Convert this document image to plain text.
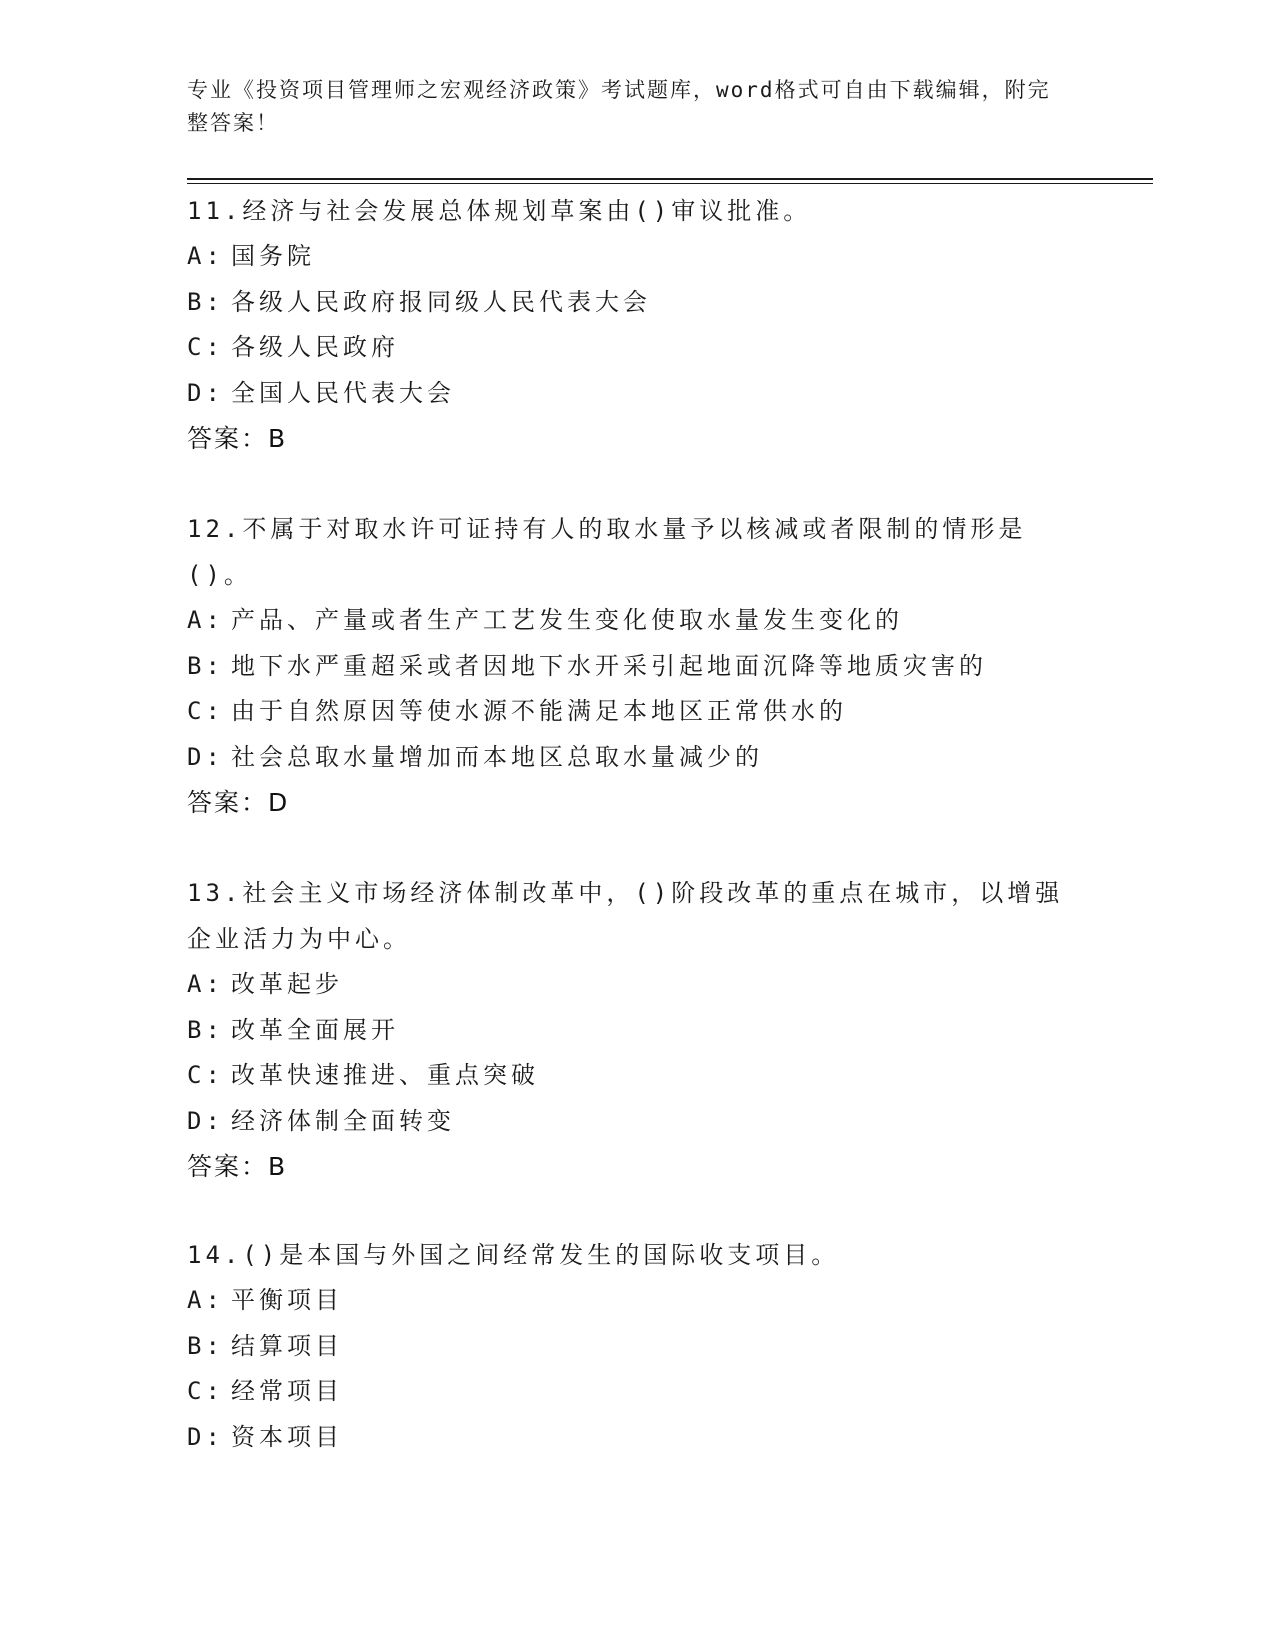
专业《投资项目管理师之宏观经济政策》考试题库，word格式可自由下载编辑，附完整答案！

11.经济与社会发展总体规划草案由()审议批准。

A: 国务院

B: 各级人民政府报同级人民代表大会

C: 各级人民政府

D: 全国人民代表大会

答案：B

12.不属于对取水许可证持有人的取水量予以核减或者限制的情形是()。

A: 产品、产量或者生产工艺发生变化使取水量发生变化的

B: 地下水严重超采或者因地下水开采引起地面沉降等地质灾害的

C: 由于自然原因等使水源不能满足本地区正常供水的

D: 社会总取水量增加而本地区总取水量减少的

答案：D

13.社会主义市场经济体制改革中，()阶段改革的重点在城市，以增强企业活力为中心。

A: 改革起步

B: 改革全面展开

C: 改革快速推进、重点突破

D: 经济体制全面转变

答案：B

14.()是本国与外国之间经常发生的国际收支项目。

A: 平衡项目

B: 结算项目

C: 经常项目

D: 资本项目
